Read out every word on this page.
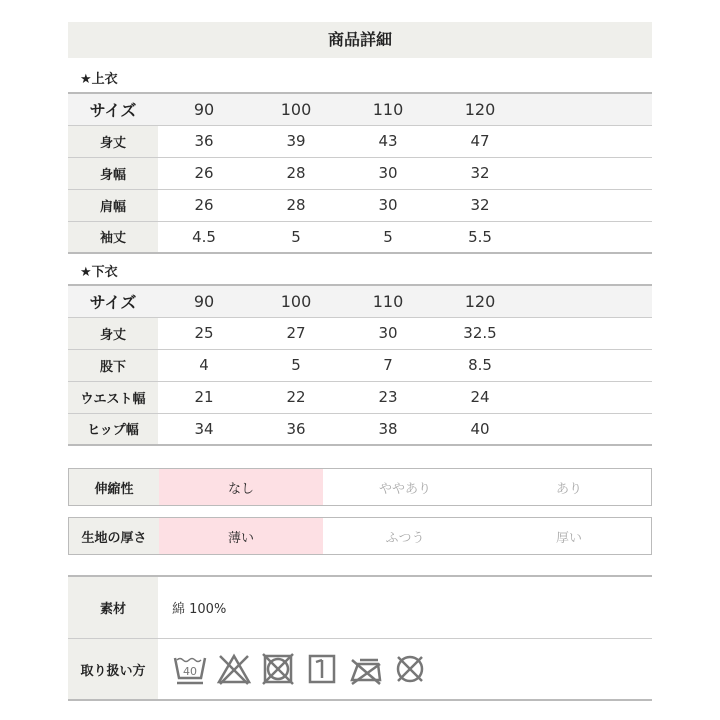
商品詳細
★上衣
サイズ	90	100	110	120	
身丈	36	39	43	47	
身幅	26	28	30	32	
肩幅	26	28	30	32	
袖丈	4.5	5	5	5.5	
★下衣
サイズ	90	100	110	120	
身丈	25	27	30	32.5	
股下	4	5	7	8.5	
ウエスト幅	21	22	23	24	
ヒップ幅	34	36	38	40	
伸縮性	なし	ややあり	あり
生地の厚さ	薄い	ふつう	厚い
素材	綿 100%
取り扱い方	40
